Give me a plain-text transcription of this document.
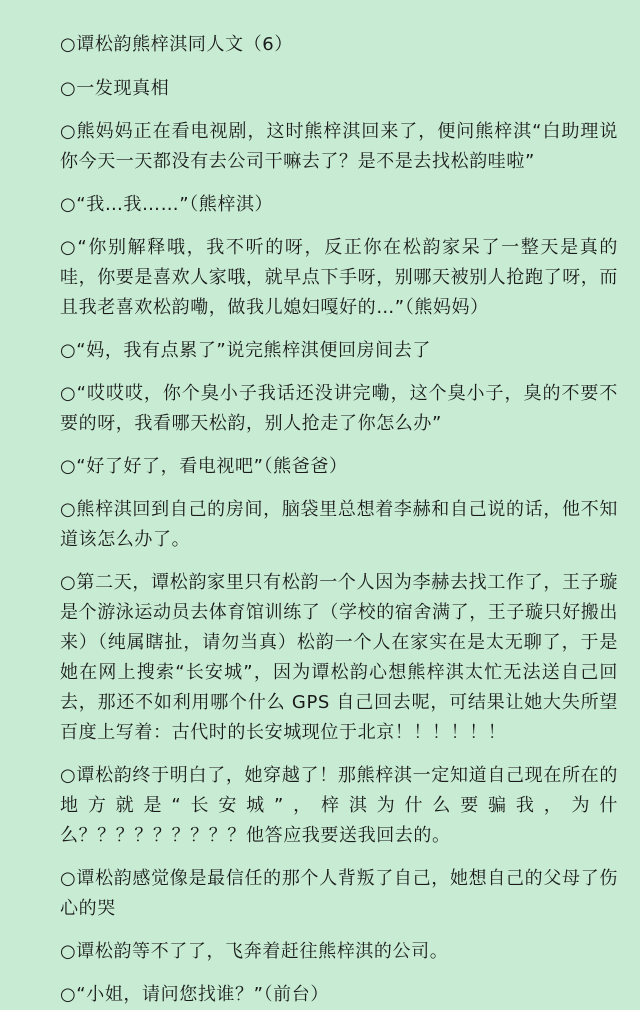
○谭松韵熊梓淇同人文（6）

○一发现真相

○熊妈妈正在看电视剧，这时熊梓淇回来了，便问熊梓淇“白助理说你今天一天都没有去公司干嘛去了？是不是去找松韵哇啦”

○“我…我……”（熊梓淇）

○“你别解释哦，我不听的呀，反正你在松韵家呆了一整天是真的哇，你要是喜欢人家哦，就早点下手呀，别哪天被别人抢跑了呀，而且我老喜欢松韵嘞，做我儿媳妇嘎好的…”（熊妈妈）

○“妈，我有点累了”说完熊梓淇便回房间去了

○“哎哎哎，你个臭小子我话还没讲完嘞，这个臭小子，臭的不要不要的呀，我看哪天松韵，别人抢走了你怎么办”

○“好了好了，看电视吧”（熊爸爸）

○熊梓淇回到自己的房间，脑袋里总想着李赫和自己说的话，他不知道该怎么办了。

○第二天，谭松韵家里只有松韵一个人因为李赫去找工作了，王子璇是个游泳运动员去体育馆训练了（学校的宿舍满了，王子璇只好搬出来）（纯属瞎扯，请勿当真）松韵一个人在家实在是太无聊了，于是她在网上搜索“长安城”，因为谭松韵心想熊梓淇太忙无法送自己回去，那还不如利用哪个什么 GPS 自己回去呢，可结果让她大失所望百度上写着：古代时的长安城现位于北京！！！！！！

○谭松韵终于明白了，她穿越了！那熊梓淇一定知道自己现在所在的地方就是“长安城”，梓淇为什么要骗我，为什么？？？？？？？？？他答应我要送我回去的。

○谭松韵感觉像是最信任的那个人背叛了自己，她想自己的父母了伤心的哭

○谭松韵等不了了，飞奔着赶往熊梓淇的公司。

○“小姐，请问您找谁？”（前台）
